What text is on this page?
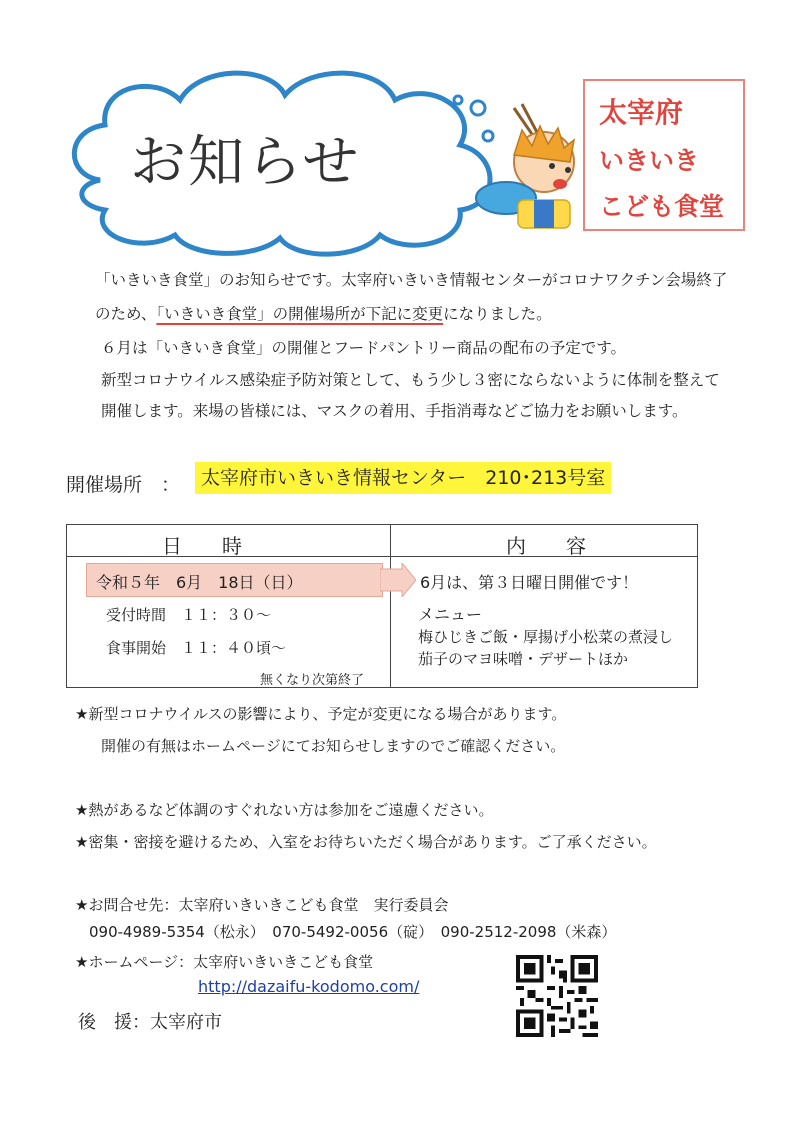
お知らせ
太宰府
いきいき
こども食堂
「いきいき食堂」のお知らせです。太宰府いきいき情報センターがコロナワクチン会場終了
のため、「いきいき食堂」の開催場所が下記に変更になりました。
６月は「いきいき食堂」の開催とフードパントリー商品の配布の予定です。
新型コロナウイルス感染症予防対策として、もう少し３密にならないように体制を整えて
開催します。来場の皆様には、マスクの着用、手指消毒などご協力をお願いします。
開催場所　：	太宰府市いきいき情報センター　210･213号室
日　　時	内　　容
令和５年　6月　18日（日）
受付時間　１１：３０～
食事開始　１１：４０頃～
無くなり次第終了
6月は、第３日曜日開催です！
メニュー
梅ひじきご飯・厚揚げ小松菜の煮浸し
茄子のマヨ味噌・デザートほか
★新型コロナウイルスの影響により、予定が変更になる場合があります。
開催の有無はホームページにてお知らせしますのでご確認ください。
★熱があるなど体調のすぐれない方は参加をご遠慮ください。
★密集・密接を避けるため、入室をお待ちいただく場合があります。ご了承ください。
★お問合せ先：太宰府いきいきこども食堂　実行委員会
090-4989-5354（松永）　070-5492-0056（碇）　090-2512-2098（米森）
★ホームページ：太宰府いきいきこども食堂
http://dazaifu-kodomo.com/
後　援：太宰府市
